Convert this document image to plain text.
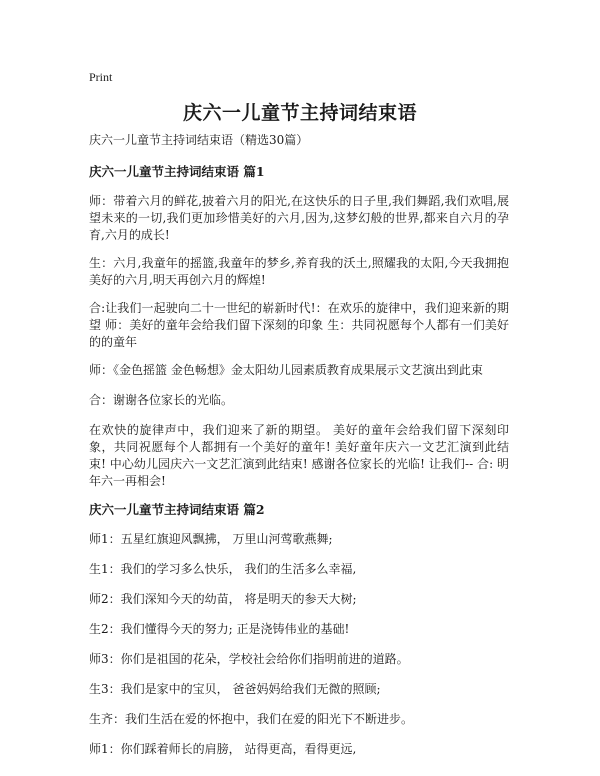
Print
庆六一儿童节主持词结束语

庆六一儿童节主持词结束语（精选30篇）

庆六一儿童节主持词结束语 篇1

师：带着六月的鲜花,披着六月的阳光,在这快乐的日子里,我们舞蹈,我们欢唱,展望未来的一切,我们更加珍惜美好的六月,因为,这梦幻般的世界,都来自六月的孕育,六月的成长!

生：六月,我童年的摇篮,我童年的梦乡,养育我的沃土,照耀我的太阳,今天我拥抱美好的六月,明天再创六月的辉煌!

合:让我们一起驶向二十一世纪的崭新时代!：在欢乐的旋律中，我们迎来新的期望 师：美好的童年会给我们留下深刻的印象 生：共同祝愿每个人都有一们美好的的童年

师：《金色摇篮 金色畅想》金太阳幼儿园素质教育成果展示文艺演出到此束

合：谢谢各位家长的光临。

在欢快的旋律声中，我们迎来了新的期望。 美好的童年会给我们留下深刻印象，共同祝愿每个人都拥有一个美好的童年! 美好童年庆六一文艺汇演到此结束! 中心幼儿园庆六一文艺汇演到此结束! 感谢各位家长的光临! 让我们-- 合: 明年六一再相会!

庆六一儿童节主持词结束语 篇2

师1：五星红旗迎风飘拂， 万里山河莺歌燕舞;

生1：我们的学习多么快乐， 我们的生活多么幸福,

师2：我们深知今天的幼苗， 将是明天的参天大树;

生2：我们懂得今天的努力; 正是浇铸伟业的基础!

师3：你们是祖国的花朵，学校社会给你们指明前进的道路。

生3：我们是家中的宝贝， 爸爸妈妈给我们无微的照顾;

生齐：我们生活在爱的怀抱中，我们在爱的阳光下不断进步。

师1：你们踩着师长的肩膀， 站得更高，看得更远,
